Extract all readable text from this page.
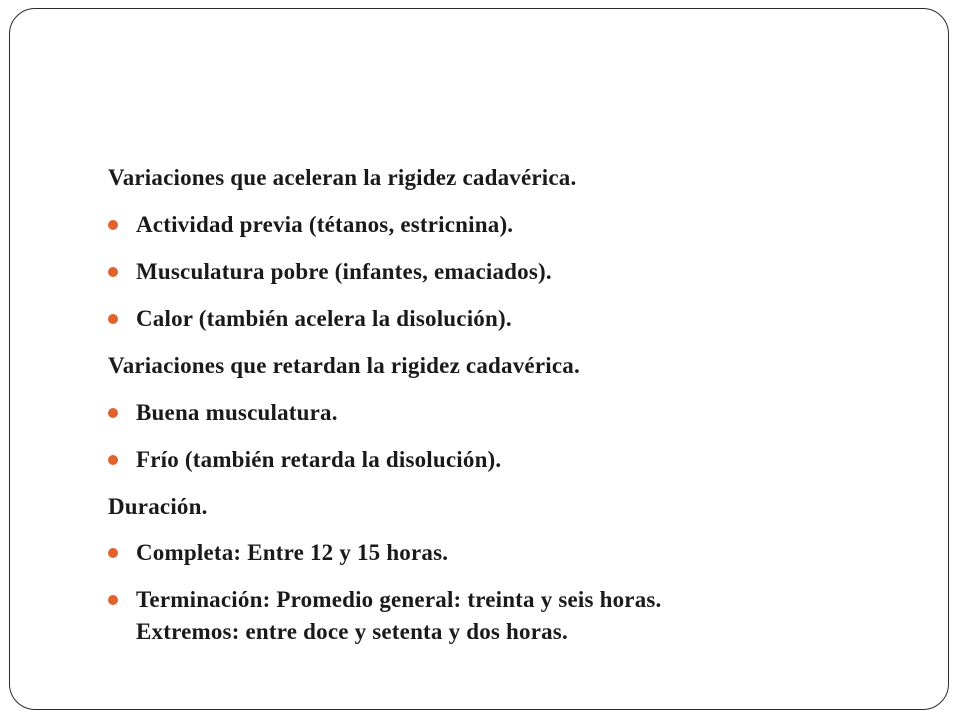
Variaciones que aceleran la rigidez cadavérica.
Actividad previa (tétanos, estricnina).
Musculatura pobre (infantes, emaciados).
Calor (también acelera la disolución).
Variaciones que retardan la rigidez cadavérica.
Buena musculatura.
Frío (también retarda la disolución).
Duración.
Completa: Entre 12 y 15 horas.
Terminación: Promedio general: treinta y seis horas.
Extremos: entre doce y setenta y dos horas.
